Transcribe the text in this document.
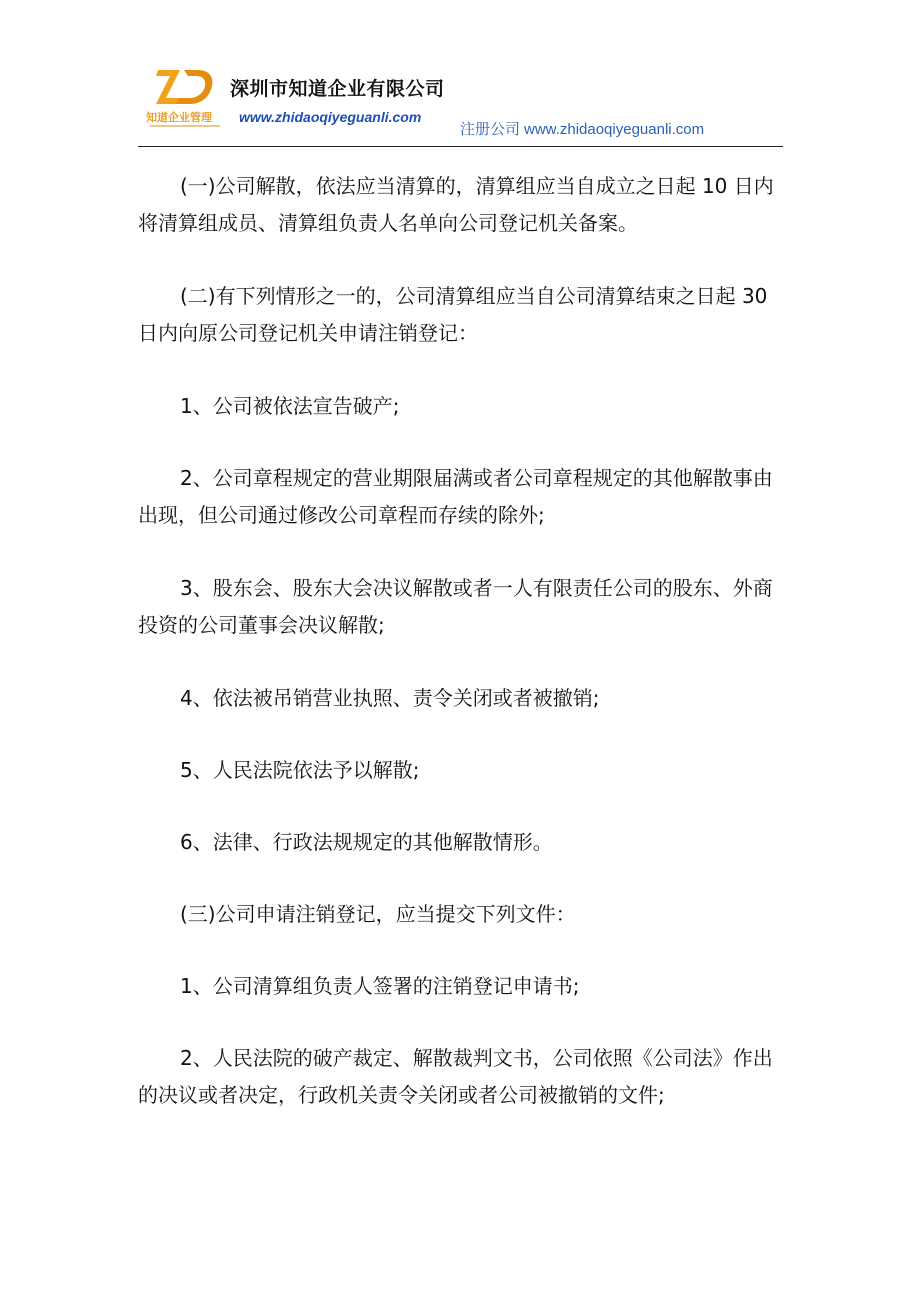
知道企业管理
深圳市知道企业有限公司
www.zhidaoqiyeguanli.com
注册公司 www.zhidaoqiyeguanli.com

(一)公司解散，依法应当清算的，清算组应当自成立之日起 10 日内将清算组成员、清算组负责人名单向公司登记机关备案。

(二)有下列情形之一的，公司清算组应当自公司清算结束之日起 30 日内向原公司登记机关申请注销登记：

1、公司被依法宣告破产;

2、公司章程规定的营业期限届满或者公司章程规定的其他解散事由出现，但公司通过修改公司章程而存续的除外;

3、股东会、股东大会决议解散或者一人有限责任公司的股东、外商投资的公司董事会决议解散;

4、依法被吊销营业执照、责令关闭或者被撤销;

5、人民法院依法予以解散;

6、法律、行政法规规定的其他解散情形。

(三)公司申请注销登记，应当提交下列文件：

1、公司清算组负责人签署的注销登记申请书;

2、人民法院的破产裁定、解散裁判文书，公司依照《公司法》作出的决议或者决定，行政机关责令关闭或者公司被撤销的文件;
